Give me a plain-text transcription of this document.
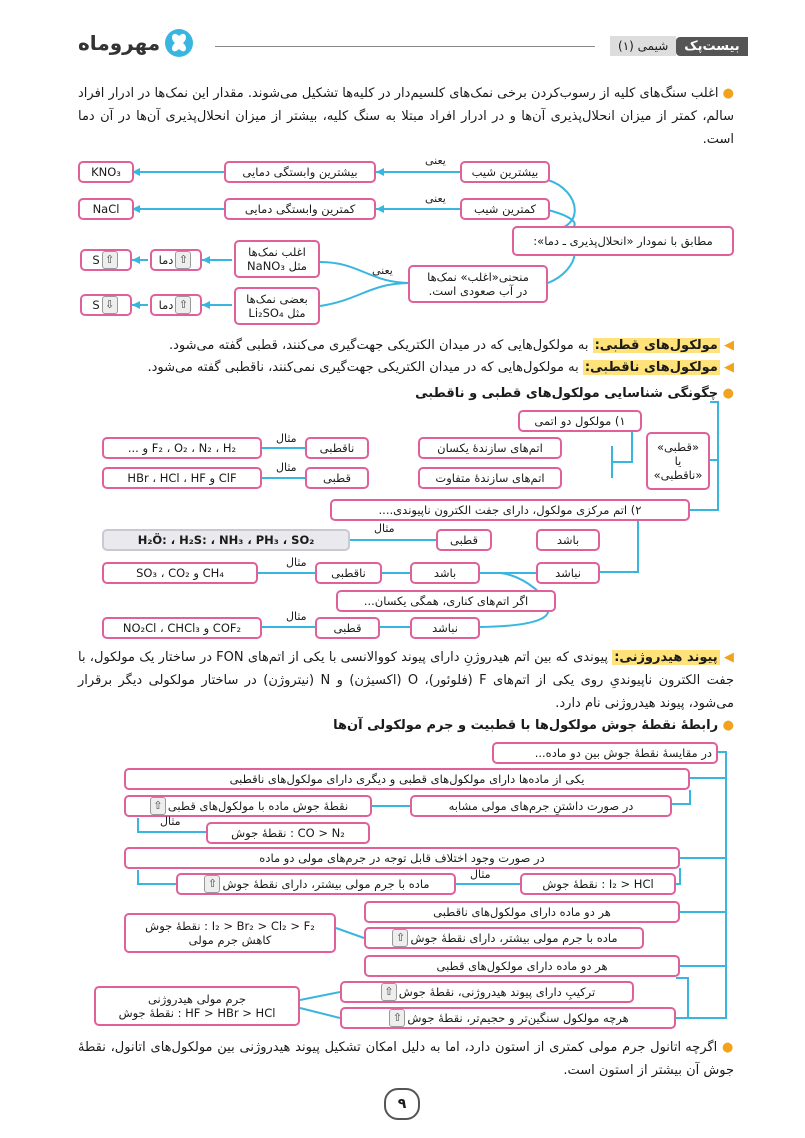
مهروماه	بیست‌پک
شیمی (۱)
● اغلب سنگ‌های کلیه از رسوب‌کردن برخی نمک‌های کلسیم‌دار در کلیه‌ها تشکیل می‌شوند. مقدار این نمک‌ها در ادرار افراد سالم، کمتر از میزان انحلال‌پذیری آن‌ها و در ادرار افراد مبتلا به سنگ کلیه، بیشتر از میزان انحلال‌پذیری آن‌ها در آن دما است.
مطابق با نمودار «انحلال‌پذیری ـ دما»:
بیشترین شیب
یعنی
بیشترین وابستگی دمایی
KNO₃
کمترین شیب
یعنی
کمترین وابستگی دمایی
NaCl
منحنی«اغلب» نمک‌ها
در آب صعودی است.
یعنی
اغلب نمک‌ها
مثل NaNO₃
⇧
دما
⇧
S
بعضی نمک‌ها
مثل Li₂SO₄
⇧
دما
⇩
S
◀ مولکول‌های قطبی: به مولکول‌هایی که در میدان الکتریکی جهت‌گیری می‌کنند، قطبی گفته می‌شود.
◀ مولکول‌های ناقطبی: به مولکول‌هایی که در میدان الکتریکی جهت‌گیری نمی‌کنند، ناقطبی گفته می‌شود.
● چگونگی شناسایی مولکول‌های قطبی و ناقطبی
«قطبی»
یا
«ناقطبی»
۱) مولکول دو اتمی
اتم‌های سازندهٔ یکسان
ناقطبی
مثال
F₂ ، O₂ ، N₂ ، H₂ و ...
اتم‌های سازندهٔ متفاوت
قطبی
مثال
ClF و HBr ، HCl ، HF
۲) اتم مرکزی مولکول، دارای جفت الکترون ناپیوندی....
باشد
قطبی
مثال
H₂Ö: ، H₂S: ، NH₃ ، PH₃ ، SO₂
نباشد
باشد
ناقطبی
مثال
CH₄ و SO₃ ، CO₂
اگر اتم‌های کناری، همگی یکسان...
نباشد
قطبی
مثال
COF₂ و NO₂Cl ، CHCl₃
◀ پیوند هیدروژنی: پیوندی که بین اتم هیدروژنِ دارای پیوند کووالانسی با یکی از اتم‌های FON در ساختار یک مولکول، با جفت الکترون ناپیوندیِ روی یکی از اتم‌های F (فلوئور)، O (اکسیژن) و N (نیتروژن) در ساختار مولکولی دیگر برقرار می‌شود، پیوند هیدروژنی نام دارد.
● رابطهٔ نقطهٔ جوش مولکول‌ها با قطبیت و جرم مولکولی آن‌ها
در مقایسهٔ نقطهٔ جوش بین دو ماده...
یکی از ماده‌ها دارای مولکول‌های قطبی و دیگری دارای مولکول‌های ناقطبی
در صورت داشتنِ جرم‌های مولی مشابه
نقطهٔ جوش ماده با مولکول‌های قطبی
⇧
مثال
CO > N₂ : نقطهٔ جوش
در صورت وجود اختلاف قابل توجه در جرم‌های مولی دو ماده
I₂ > HCl : نقطهٔ جوش
مثال
ماده با جرم مولی بیشتر، دارای نقطهٔ جوش
⇧
هر دو ماده دارای مولکول‌های ناقطبی
ماده با جرم مولی بیشتر، دارای نقطهٔ جوش
⇧
I₂ > Br₂ > Cl₂ > F₂ : نقطهٔ جوش
کاهش جرم مولی
هر دو ماده دارای مولکول‌های قطبی
ترکیبِ دارای پیوند هیدروژنی، نقطهٔ جوش
⇧
هرچه مولکول سنگین‌تر و حجیم‌تر، نقطهٔ جوش
⇧
جرم مولی هیدروژنی
HF > HBr > HCl : نقطهٔ جوش
● اگرچه اتانول جرم مولی کمتری از استون دارد، اما به دلیل امکان تشکیل پیوند هیدروژنی بین مولکول‌های اتانول، نقطهٔ جوش آن بیشتر از استون است.
۹
